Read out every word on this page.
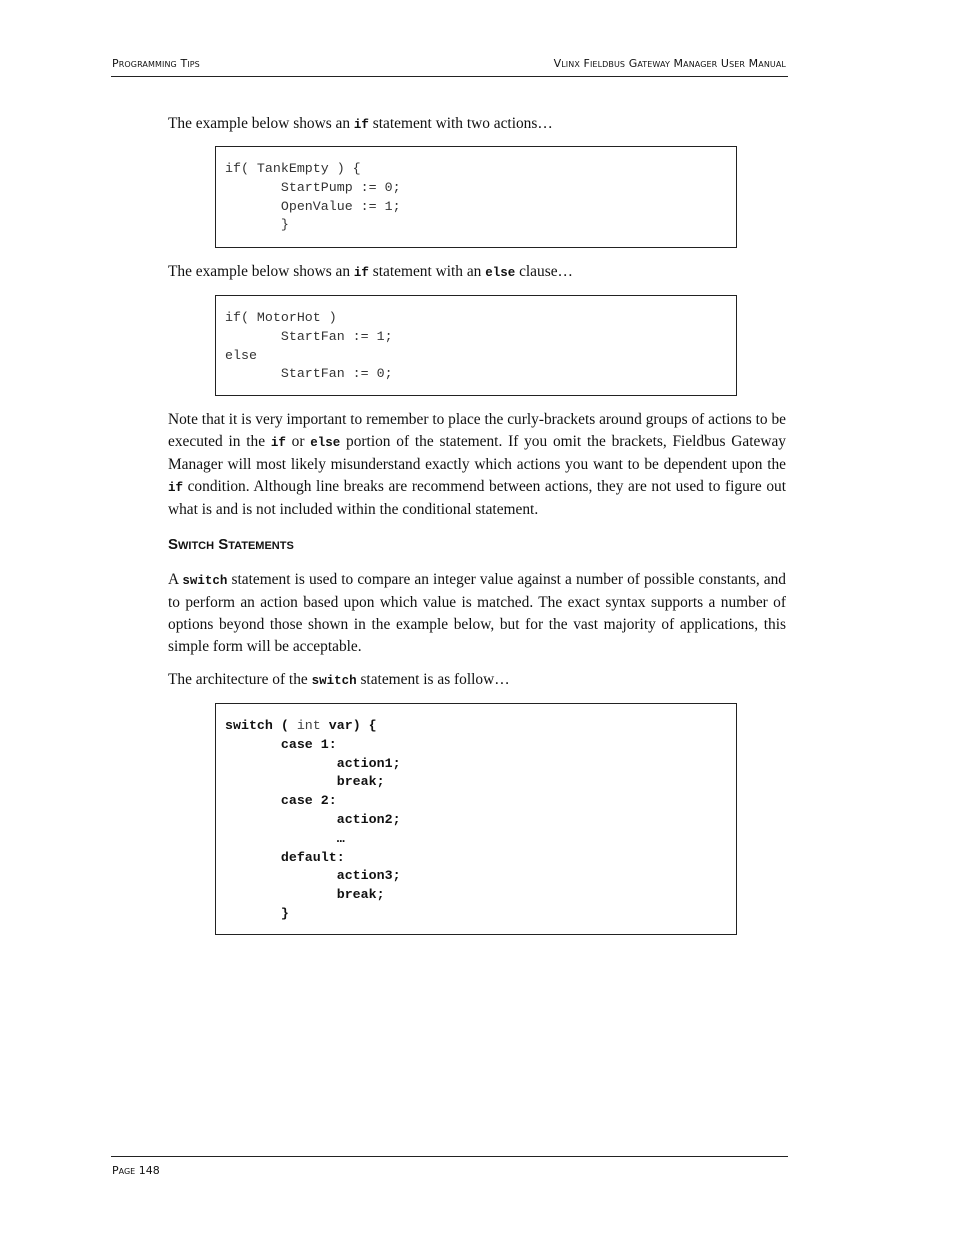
Programming Tips	Vlinx Fieldbus Gateway Manager User Manual

The example below shows an if statement with two actions…

if( TankEmpty ) {
StartPump := 0;
OpenValue := 1;
}

The example below shows an if statement with an else clause…

if( MotorHot )
StartFan := 1;
else
StartFan := 0;

Note that it is very important to remember to place the curly-brackets around groups of actions to be executed in the if or else portion of the statement. If you omit the brackets, Fieldbus Gateway Manager will most likely misunderstand exactly which actions you want to be dependent upon the if condition. Although line breaks are recommend between actions, they are not used to figure out what is and is not included within the conditional statement.

Switch Statements

A switch statement is used to compare an integer value against a number of possible constants, and to perform an action based upon which value is matched. The exact syntax supports a number of options beyond those shown in the example below, but for the vast majority of applications, this simple form will be acceptable.

The architecture of the switch statement is as follow…

switch ( int var) {
case 1:
action1;
break;
case 2:
action2;
…
default:
action3;
break;
}
Page 148
